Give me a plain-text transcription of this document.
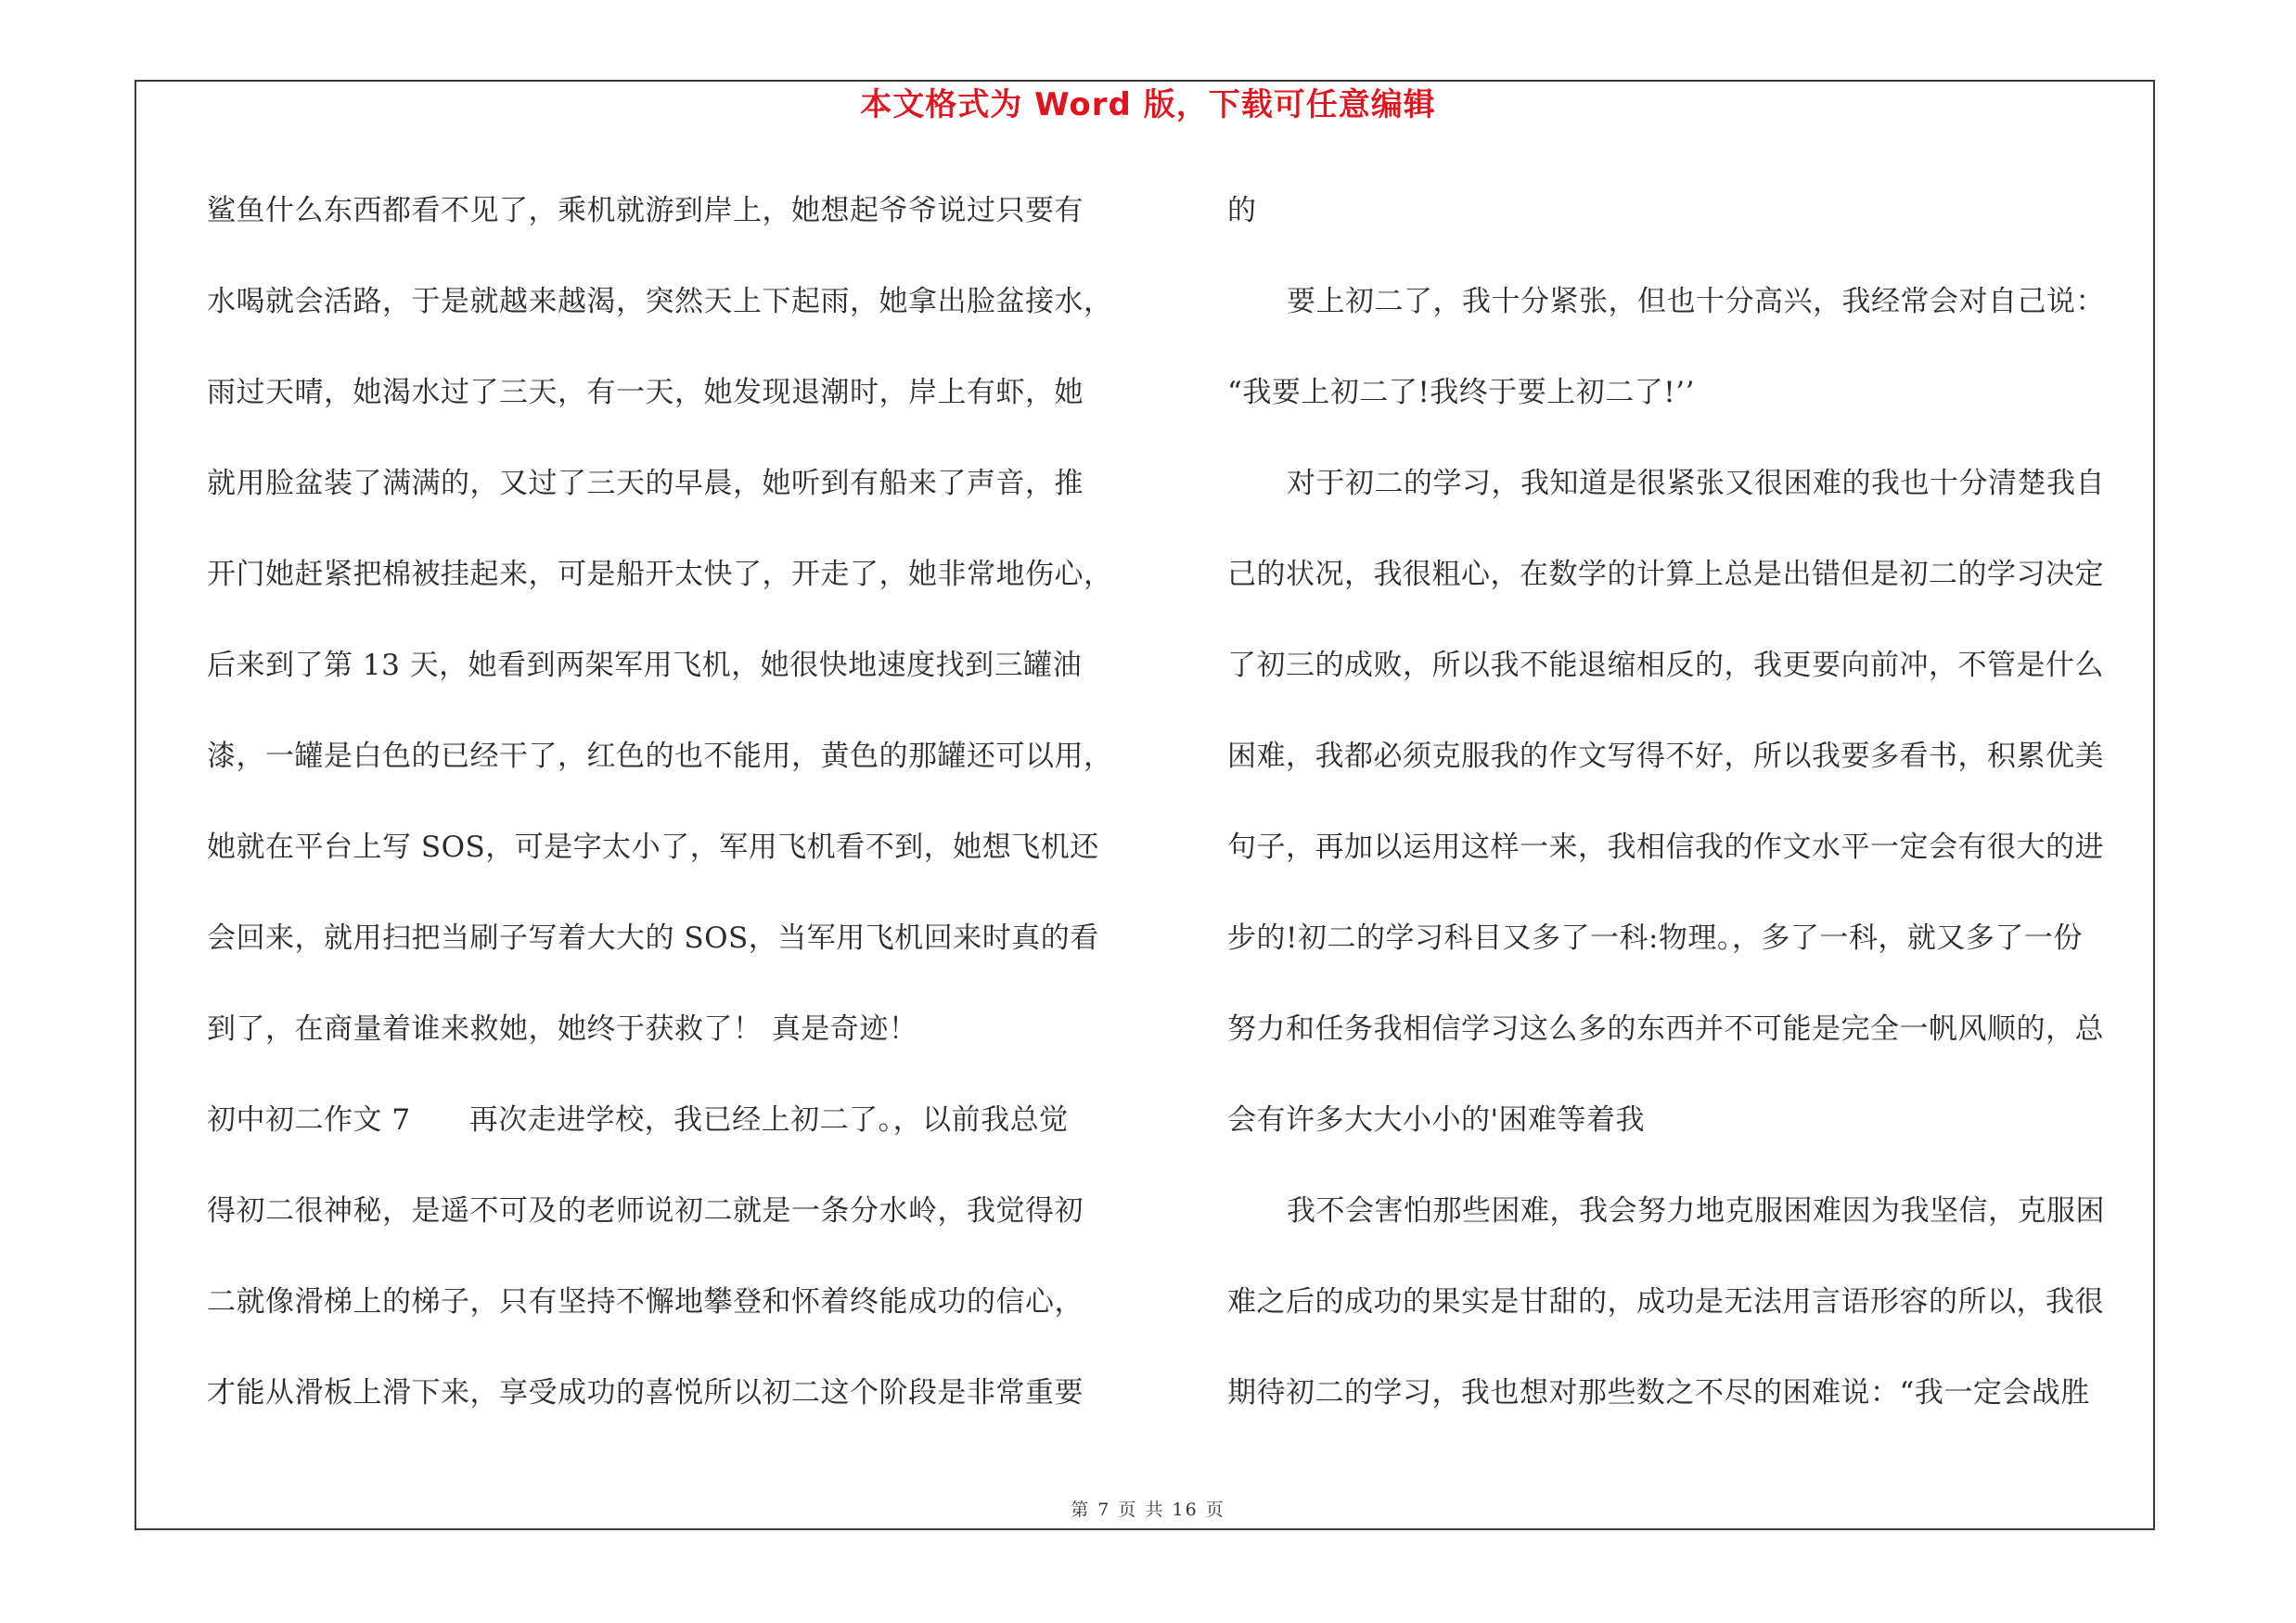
本文格式为 Word 版，下载可任意编辑
鲨鱼什么东西都看不见了，乘机就游到岸上，她想起爷爷说过只要有
水喝就会活路，于是就越来越渴，突然天上下起雨，她拿出脸盆接水，
雨过天晴，她渴水过了三天，有一天，她发现退潮时，岸上有虾，她
就用脸盆装了满满的，又过了三天的早晨，她听到有船来了声音，推
开门她赶紧把棉被挂起来，可是船开太快了，开走了，她非常地伤心，
后来到了第 13 天，她看到两架军用飞机，她很快地速度找到三罐油
漆，一罐是白色的已经干了，红色的也不能用，黄色的那罐还可以用，
她就在平台上写 SOS，可是字太小了，军用飞机看不到，她想飞机还
会回来，就用扫把当刷子写着大大的 SOS，当军用飞机回来时真的看
到了，在商量着谁来救她，她终于获救了！ 真是奇迹！
初中初二作文 7　　再次走进学校，我已经上初二了。，以前我总觉
得初二很神秘，是遥不可及的老师说初二就是一条分水岭，我觉得初
二就像滑梯上的梯子，只有坚持不懈地攀登和怀着终能成功的信心，
才能从滑板上滑下来，享受成功的喜悦所以初二这个阶段是非常重要
的
要上初二了，我十分紧张，但也十分高兴，我经常会对自己说：
“我要上初二了!我终于要上初二了!’’
对于初二的学习，我知道是很紧张又很困难的我也十分清楚我自
己的状况，我很粗心，在数学的计算上总是出错但是初二的学习决定
了初三的成败，所以我不能退缩相反的，我更要向前冲，不管是什么
困难，我都必须克服我的作文写得不好，所以我要多看书，积累优美
句子，再加以运用这样一来，我相信我的作文水平一定会有很大的进
步的!初二的学习科目又多了一科:物理。，多了一科，就又多了一份
努力和任务我相信学习这么多的东西并不可能是完全一帆风顺的，总
会有许多大大小小的'困难等着我
我不会害怕那些困难，我会努力地克服困难因为我坚信，克服困
难之后的成功的果实是甘甜的，成功是无法用言语形容的所以，我很
期待初二的学习，我也想对那些数之不尽的困难说：“我一定会战胜
第 7 页 共 16 页
